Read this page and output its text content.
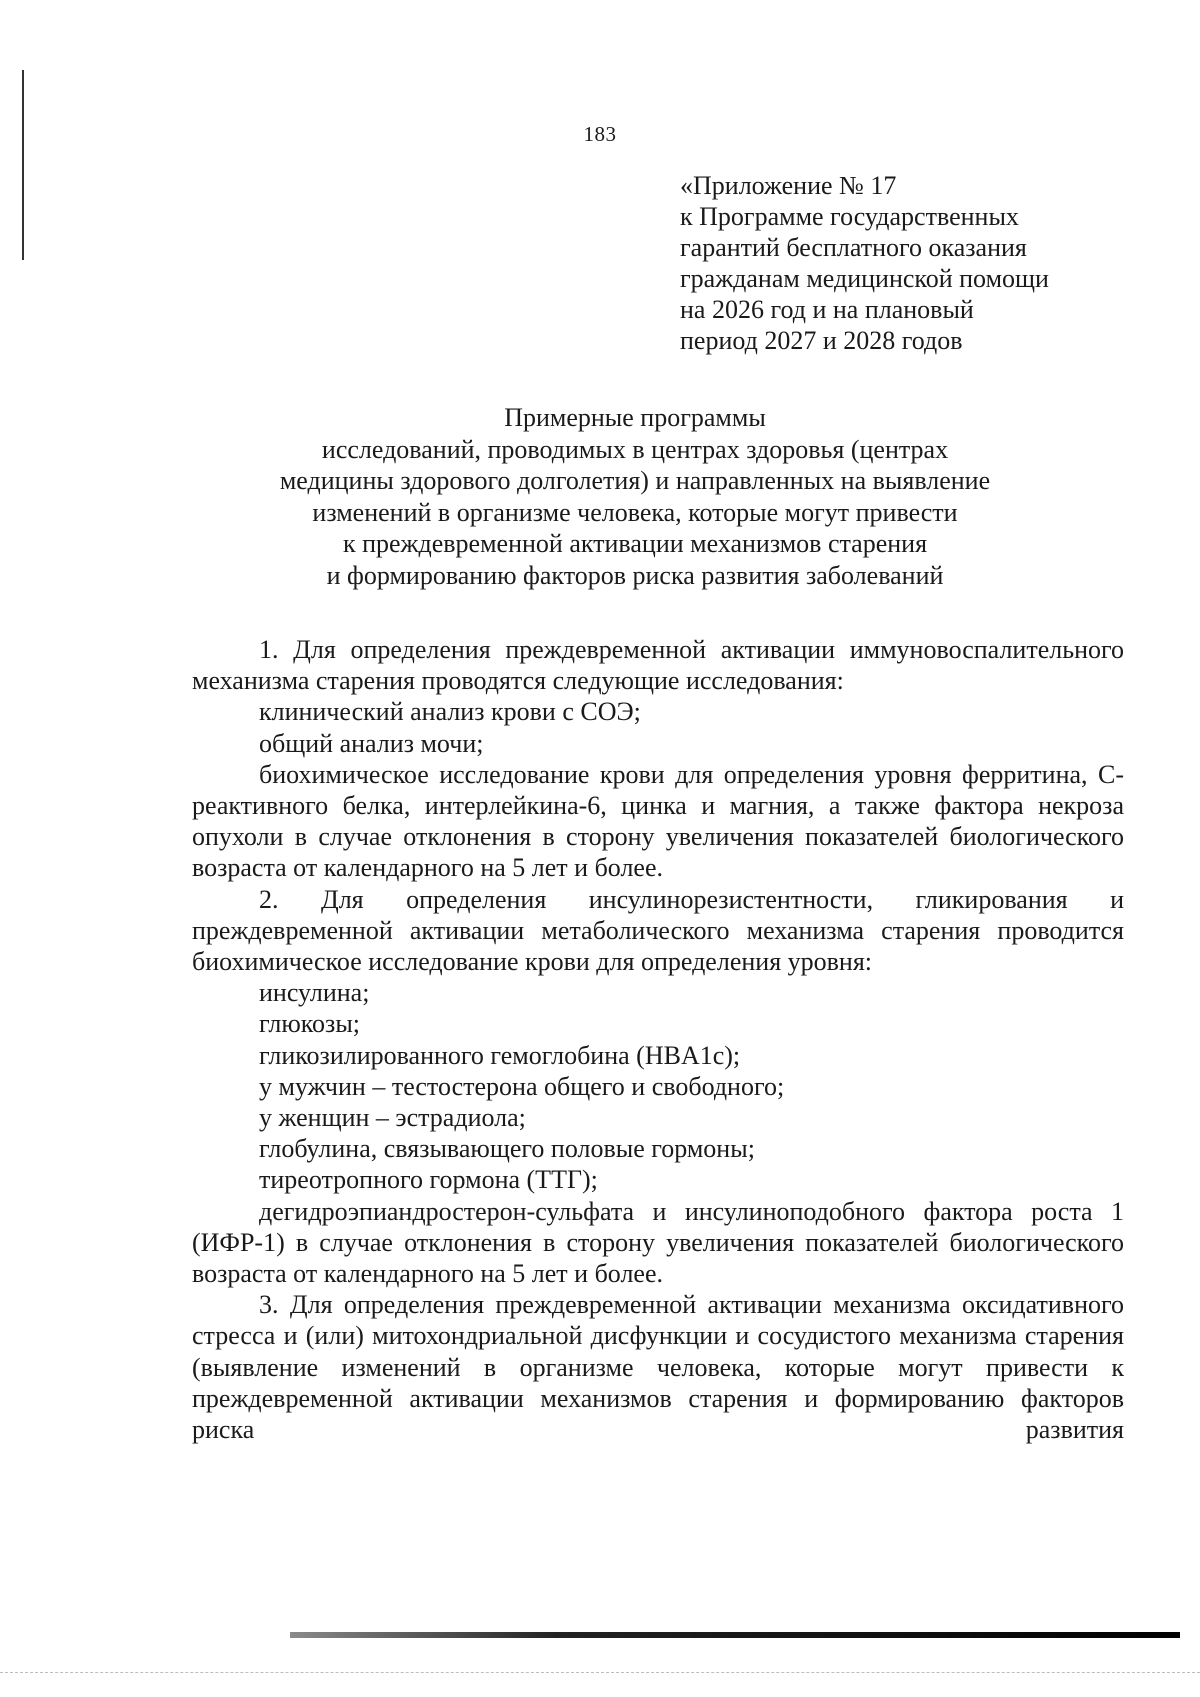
183
«Приложение № 17
к Программе государственных
гарантий бесплатного оказания
гражданам медицинской помощи
на 2026 год и на плановый
период 2027 и 2028 годов
Примерные программы
исследований, проводимых в центрах здоровья (центрах
медицины здорового долголетия) и направленных на выявление
изменений в организме человека, которые могут привести
к преждевременной активации механизмов старения
и формированию факторов риска развития заболеваний

1. Для определения преждевременной активации иммуновоспалительного механизма старения проводятся следующие исследования:

клинический анализ крови с СОЭ;

общий анализ мочи;

биохимическое исследование крови для определения уровня ферритина, С-реактивного белка, интерлейкина-6, цинка и магния, а также фактора некроза опухоли в случае отклонения в сторону увеличения показателей биологического возраста от календарного на 5 лет и более.

2. Для определения инсулинорезистентности, гликирования и преждевременной активации метаболического механизма старения проводится биохимическое исследование крови для определения уровня:

инсулина;

глюкозы;

гликозилированного гемоглобина (HBA1c);

у мужчин – тестостерона общего и свободного;

у женщин – эстрадиола;

глобулина, связывающего половые гормоны;

тиреотропного гормона (ТТГ);

дегидроэпиандростерон-сульфата и инсулиноподобного фактора роста 1 (ИФР-1) в случае отклонения в сторону увеличения показателей биологического возраста от календарного на 5 лет и более.

3. Для определения преждевременной активации механизма оксидативного стресса и (или) митохондриальной дисфункции и сосудистого механизма старения (выявление изменений в организме человека, которые могут привести к преждевременной активации механизмов старения и формированию факторов риска развития
